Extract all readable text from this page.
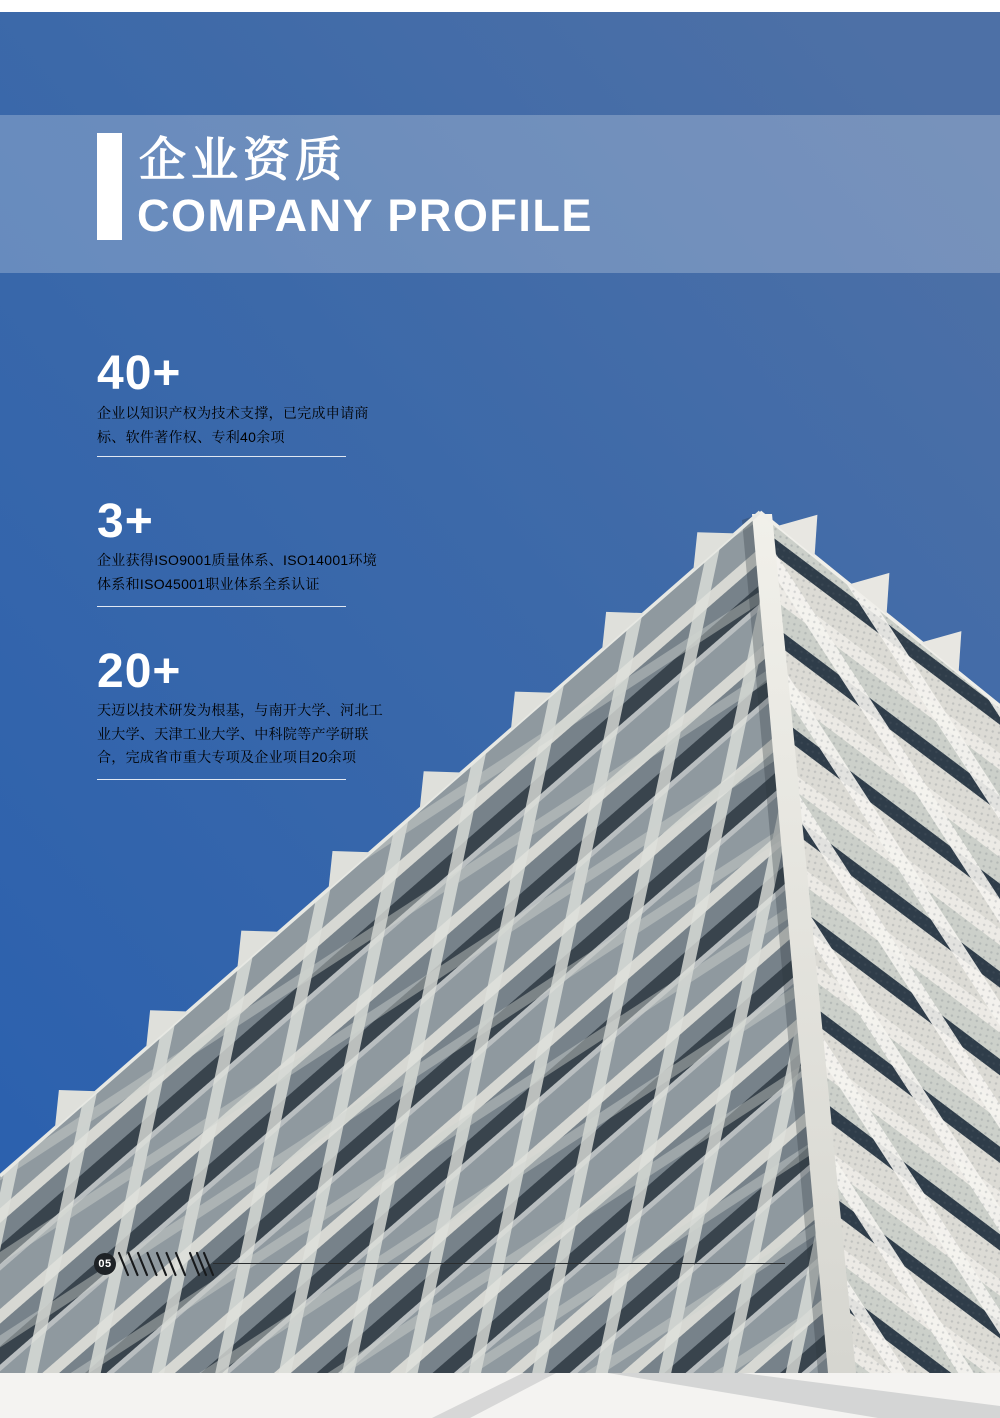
企业资质
COMPANY PROFILE
40+
企业以知识产权为技术支撑，已完成申请商
标、软件著作权、专利40余项
3+
企业获得ISO9001质量体系、ISO14001环境
体系和ISO45001职业体系全系认证
20+
天迈以技术研发为根基，与南开大学、河北工
业大学、天津工业大学、中科院等产学研联
合，完成省市重大专项及企业项目20余项
05
